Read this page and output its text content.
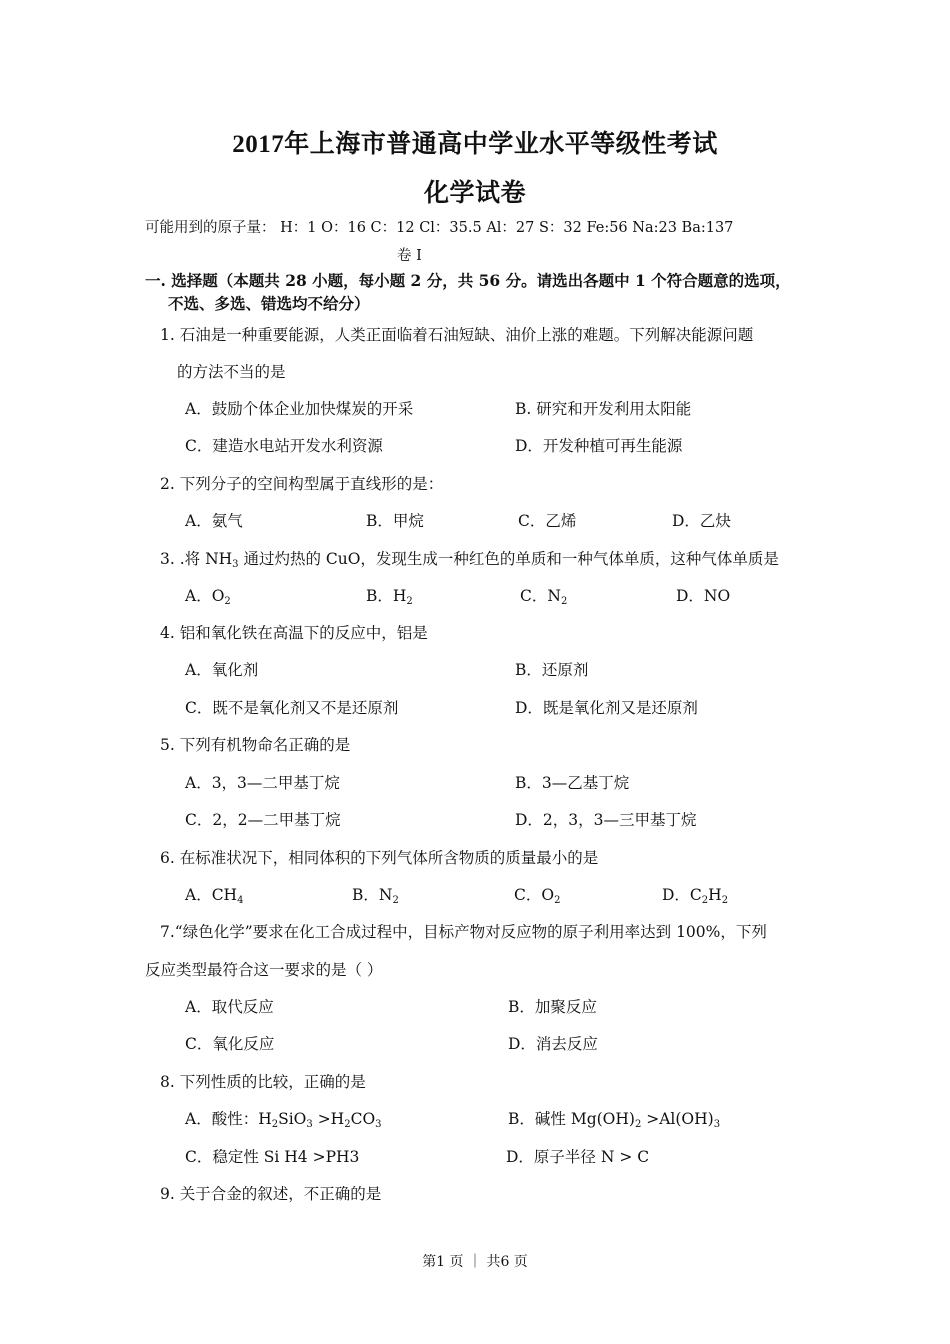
2017年上海市普通高中学业水平等级性考试
化学试卷
可能用到的原子量： H：1 O：16 C：12 Cl：35.5 Al：27 S：32 Fe:56 Na:23 Ba:137
卷 I
一. 选择题（本题共 28 小题，每小题 2 分，共 56 分。请选出各题中 1 个符合题意的选项，
不选、多选、错选均不给分）
1. 石油是一种重要能源，人类正面临着石油短缺、油价上涨的难题。下列解决能源问题
的方法不当的是
A．鼓励个体企业加快煤炭的开采	B. 研究和开发利用太阳能
C．建造水电站开发水利资源	D．开发种植可再生能源
2. 下列分子的空间构型属于直线形的是：
A．氨气	B．甲烷	C．乙烯	D．乙炔
3. .将 $NH_3$ 通过灼热的 CuO，发现生成一种红色的单质和一种气体单质，这种气体单质是
A．$O_2$	B．$H_2$	C．$N_2$	D．NO
4. 铝和氧化铁在高温下的反应中，铝是
A．氧化剂	B．还原剂
C．既不是氧化剂又不是还原剂	D．既是氧化剂又是还原剂
5. 下列有机物命名正确的是
A．3，3—二甲基丁烷	B．3—乙基丁烷
C．2，2—二甲基丁烷	D．2，3，3—三甲基丁烷
6. 在标准状况下，相同体积的下列气体所含物质的质量最小的是
A．$CH_4$	B．$N_2$	C．$O_2$	D．$C_2H_2$
7.“绿色化学”要求在化工合成过程中，目标产物对反应物的原子利用率达到 100%，下列
反应类型最符合这一要求的是（ ）
A．取代反应	B．加聚反应
C．氧化反应	D．消去反应
8. 下列性质的比较，正确的是
A．酸性：$H_2SiO_3 >H_2CO_3$	B．碱性 $Mg(OH)_2 >Al(OH)_3$
C．稳定性 Si H4 >PH3	D．原子半径 N > C
9. 关于合金的叙述，不正确的是
第1 页 ｜ 共6 页
